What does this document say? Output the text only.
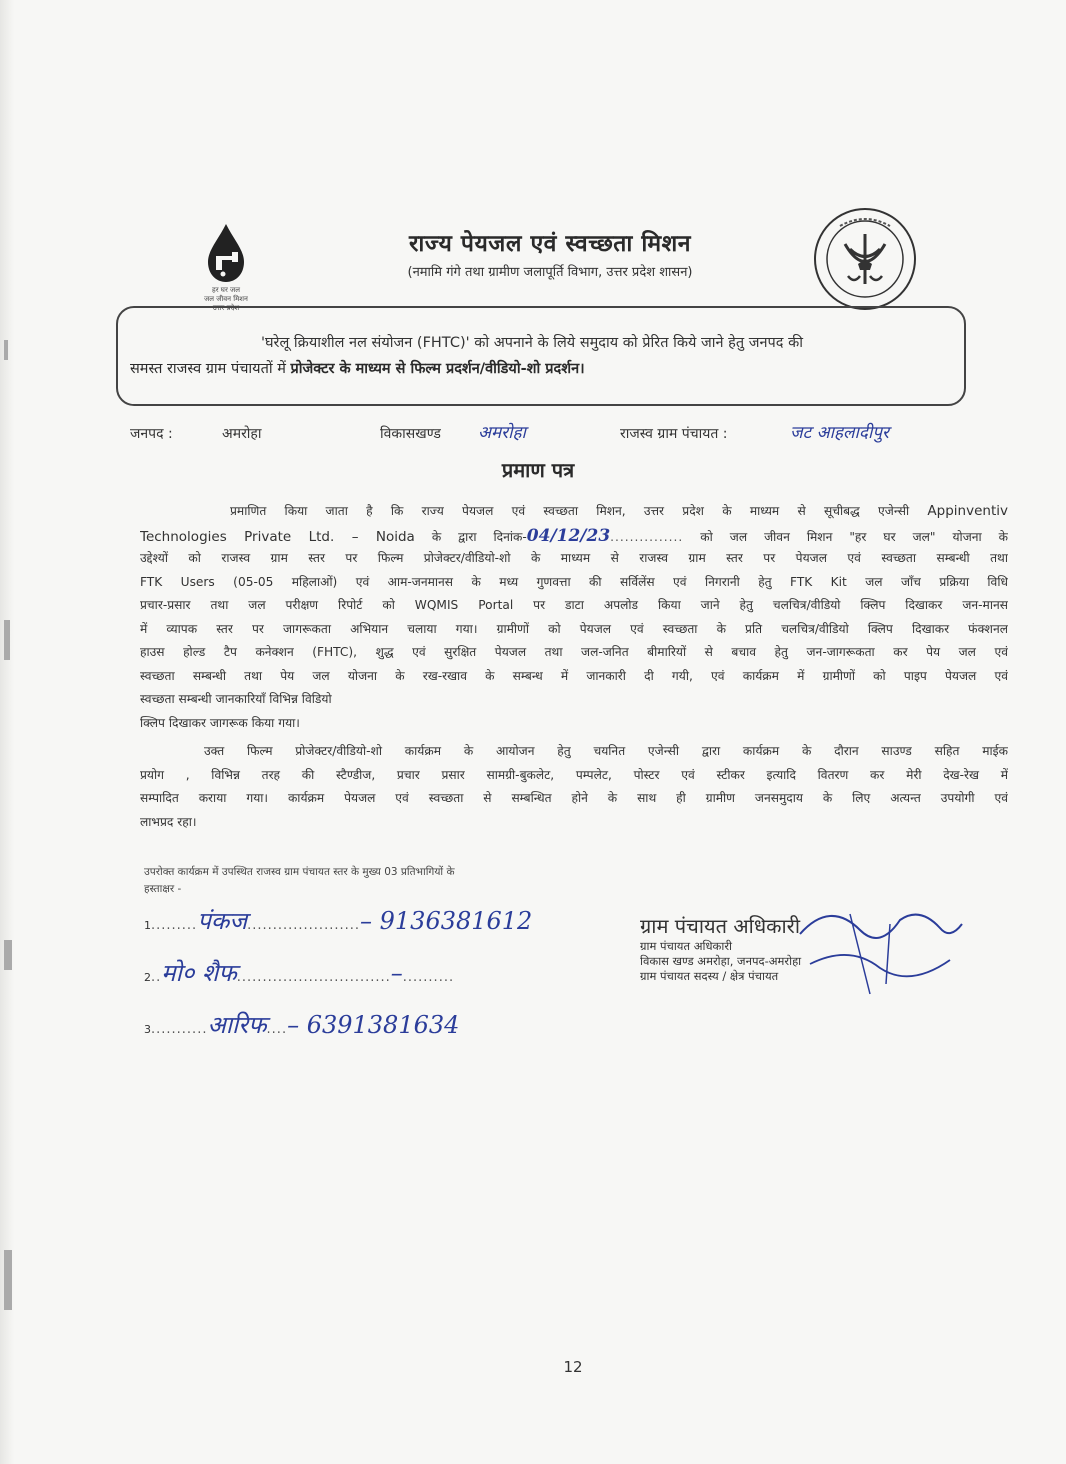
हर घर जल
जल जीवन मिशन
उत्तर प्रदेश
राज्य पेयजल एवं स्वच्छता मिशन
(नमामि गंगे तथा ग्रामीण जलापूर्ति विभाग, उत्तर प्रदेश शासन)
'घरेलू क्रियाशील नल संयोजन (FHTC)' को अपनाने के लिये समुदाय को प्रेरित किये जाने हेतु जनपद की
समस्त राजस्व ग्राम पंचायतों में प्रोजेक्टर के माध्यम से फिल्म प्रदर्शन/वीडियो-शो प्रदर्शन।
जनपद :	अमरोहा	विकासखण्ड अमरोहा	राजस्व ग्राम पंचायत :	जट आहलादीपुर
प्रमाण पत्र
प्रमाणित किया जाता है कि राज्य पेयजल एवं स्वच्छता मिशन, उत्तर प्रदेश के माध्यम से सूचीबद्ध एजेन्सी Appinventiv
Technologies Private Ltd. – Noida के द्वारा दिनांक-04/12/23............... को जल जीवन मिशन "हर घर जल" योजना के
उद्देश्यों को राजस्व ग्राम स्तर पर फिल्म प्रोजेक्टर/वीडियो-शो के माध्यम से राजस्व ग्राम स्तर पर पेयजल एवं स्वच्छता सम्बन्धी तथा
FTK Users (05-05 महिलाओं) एवं आम-जनमानस के मध्य गुणवत्ता की सर्विलेंस एवं निगरानी हेतु FTK Kit जल जाँच प्रक्रिया विधि
प्रचार-प्रसार तथा जल परीक्षण रिपोर्ट को WQMIS Portal पर डाटा अपलोड किया जाने हेतु चलचित्र/वीडियो क्लिप दिखाकर जन-मानस
में व्यापक स्तर पर जागरूकता अभियान चलाया गया। ग्रामीणों को पेयजल एवं स्वच्छता के प्रति चलचित्र/वीडियो क्लिप दिखाकर फंक्शनल
हाउस होल्ड टैप कनेक्शन (FHTC), शुद्ध एवं सुरक्षित पेयजल तथा जल-जनित बीमारियों से बचाव हेतु जन-जागरूकता कर पेय जल एवं
स्वच्छता सम्बन्धी तथा पेय जल योजना के रख-रखाव के सम्बन्ध में जानकारी दी गयी, एवं कार्यक्रम में ग्रामीणों को पाइप पेयजल एवं
स्वच्छता सम्बन्धी जानकारियाँ विभिन्न विडियो
क्लिप दिखाकर जागरूक किया गया।
उक्त फिल्म प्रोजेक्टर/वीडियो-शो कार्यक्रम के आयोजन हेतु चयनित एजेन्सी द्वारा कार्यक्रम के दौरान साउण्ड सहित माईक
प्रयोग , विभिन्न तरह की स्टैण्डीज, प्रचार प्रसार सामग्री-बुकलेट, पम्पलेट, पोस्टर एवं स्टीकर इत्यादि वितरण कर मेरी देख-रेख में
सम्पादित कराया गया। कार्यक्रम पेयजल एवं स्वच्छता से सम्बन्धित होने के साथ ही ग्रामीण जनसमुदाय के लिए अत्यन्त उपयोगी एवं
लाभप्रद रहा।
उपरोक्त कार्यक्रम में उपस्थित राजस्व ग्राम पंचायत स्तर के मुख्य 03 प्रतिभागियों के
हस्ताक्षर -
1.........पंकज......................– 9136381612
2..मो० शैफ..............................–..........
3...........आरिफ....– 6391381634
ग्राम पंचायत अधिकारी
ग्राम पंचायत अधिकारी
विकास खण्ड अमरोहा, जनपद-अमरोहा
ग्राम पंचायत सदस्य / क्षेत्र पंचायत
12
